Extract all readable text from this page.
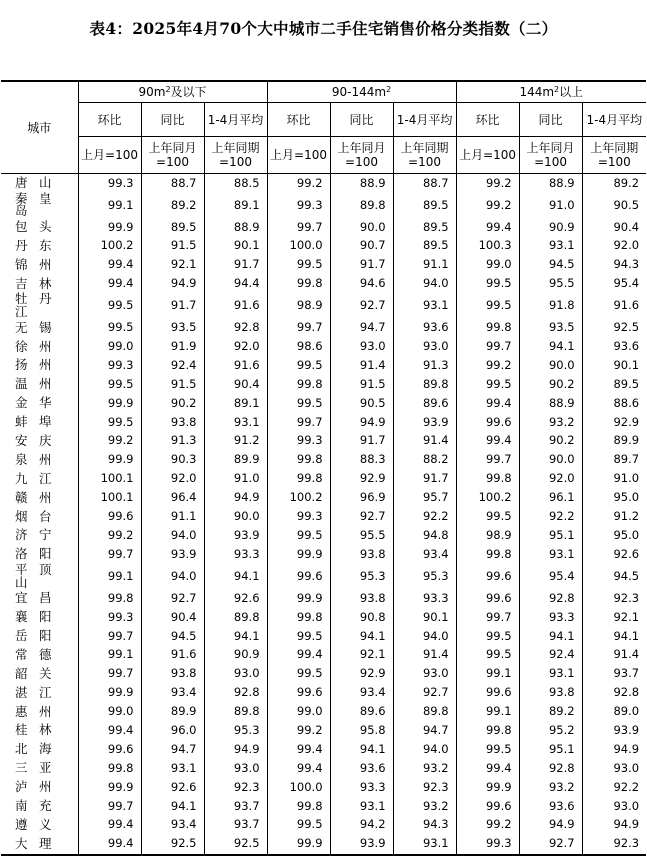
表4：2025年4月70个大中城市二手住宅销售价格分类指数（二）
城市	$90m^2$及以下			$90-144m^2$			$144m^2$以上		
	环比	同比	1-4月平均	环比	同比	1-4月平均	环比	同比	1-4月平均
	上月=100	上年同月=100	上年同期=100	上月=100	上年同月=100	上年同期=100	上月=100	上年同月=100	上年同期=100
唐山	99.3	88.7	88.5	99.2	88.9	88.7	99.2	88.9	89.2
秦皇岛	99.1	89.2	89.1	99.3	89.8	89.5	99.2	91.0	90.5
包头	99.9	89.5	88.9	99.7	90.0	89.5	99.4	90.9	90.4
丹东	100.2	91.5	90.1	100.0	90.7	89.5	100.3	93.1	92.0
锦州	99.4	92.1	91.7	99.5	91.7	91.1	99.0	94.5	94.3
吉林	99.4	94.9	94.4	99.8	94.6	94.0	99.5	95.5	95.4
牡丹江	99.5	91.7	91.6	98.9	92.7	93.1	99.5	91.8	91.6
无锡	99.5	93.5	92.8	99.7	94.7	93.6	99.8	93.5	92.5
徐州	99.0	91.9	92.0	98.6	93.0	93.0	99.7	94.1	93.6
扬州	99.3	92.4	91.6	99.5	91.4	91.3	99.2	90.0	90.1
温州	99.5	91.5	90.4	99.8	91.5	89.8	99.5	90.2	89.5
金华	99.9	90.2	89.1	99.5	90.5	89.6	99.4	88.9	88.6
蚌埠	99.5	93.8	93.1	99.7	94.9	93.9	99.6	93.2	92.9
安庆	99.2	91.3	91.2	99.3	91.7	91.4	99.4	90.2	89.9
泉州	99.9	90.3	89.9	99.8	88.3	88.2	99.7	90.0	89.7
九江	100.1	92.0	91.0	99.8	92.9	91.7	99.8	92.0	91.0
赣州	100.1	96.4	94.9	100.2	96.9	95.7	100.2	96.1	95.0
烟台	99.6	91.1	90.0	99.3	92.7	92.2	99.5	92.2	91.2
济宁	99.2	94.0	93.9	99.5	95.5	94.8	98.9	95.1	95.0
洛阳	99.7	93.9	93.3	99.9	93.8	93.4	99.8	93.1	92.6
平顶山	99.1	94.0	94.1	99.6	95.3	95.3	99.6	95.4	94.5
宜昌	99.8	92.7	92.6	99.9	93.8	93.3	99.6	92.8	92.3
襄阳	99.3	90.4	89.8	99.8	90.8	90.1	99.7	93.3	92.1
岳阳	99.7	94.5	94.1	99.5	94.1	94.0	99.5	94.1	94.1
常德	99.1	91.6	90.9	99.4	92.1	91.4	99.5	92.4	91.4
韶关	99.7	93.8	93.0	99.5	92.9	93.0	99.1	93.1	93.7
湛江	99.9	93.4	92.8	99.6	93.4	92.7	99.6	93.8	92.8
惠州	99.0	89.9	89.8	99.0	89.6	89.8	99.1	89.2	89.0
桂林	99.4	96.0	95.3	99.2	95.8	94.7	99.8	95.2	93.9
北海	99.6	94.7	94.9	99.4	94.1	94.0	99.5	95.1	94.9
三亚	99.8	93.1	93.0	99.4	93.6	93.2	99.4	92.8	93.0
泸州	99.9	92.6	92.3	100.0	93.3	92.3	99.9	93.2	92.2
南充	99.7	94.1	93.7	99.8	93.1	93.2	99.6	93.6	93.0
遵义	99.4	93.4	93.7	99.5	94.2	94.3	99.2	94.9	94.9
大理	99.4	92.5	92.5	99.9	93.9	93.1	99.3	92.7	92.3
